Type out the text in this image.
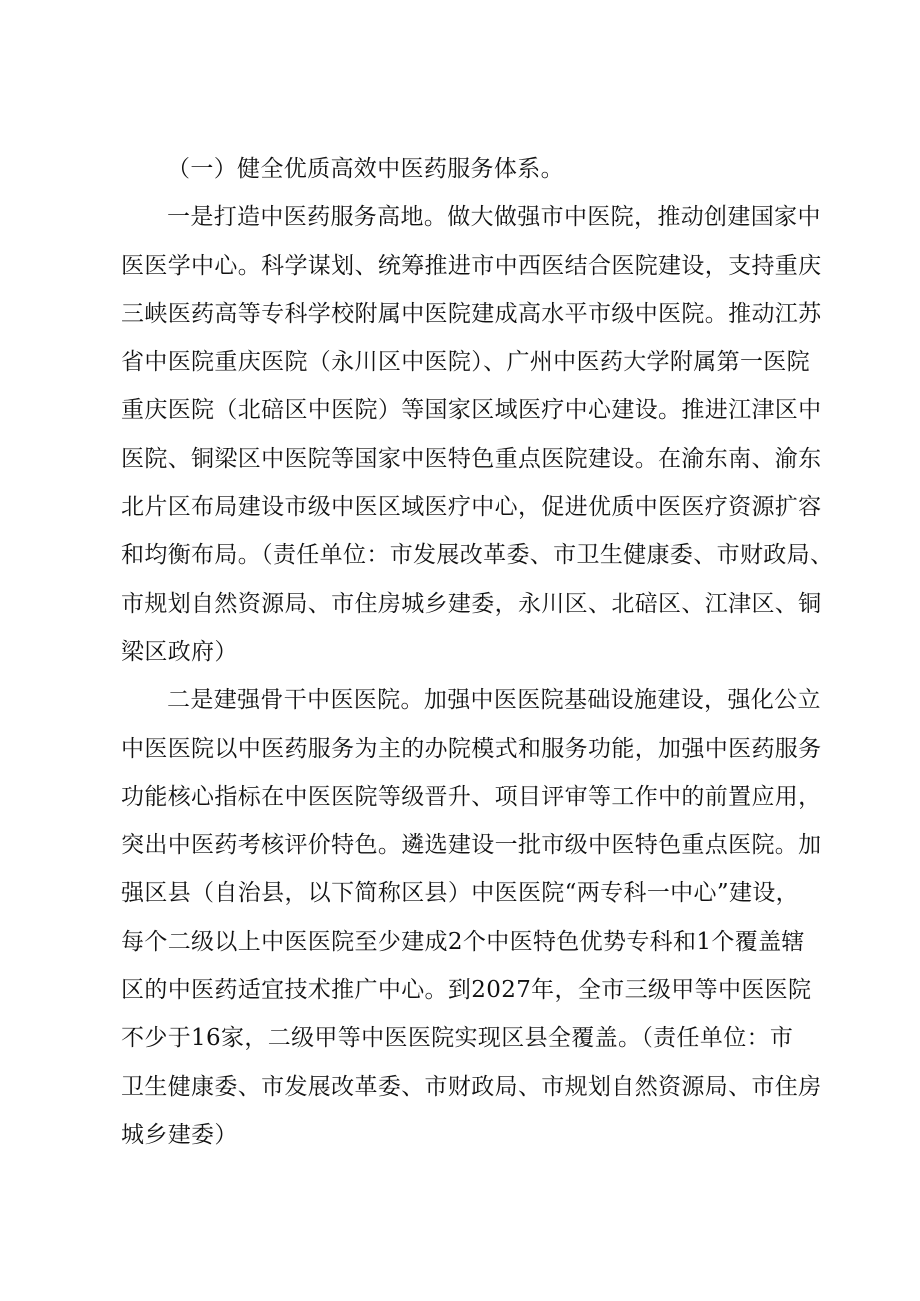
（一）健全优质高效中医药服务体系。
一是打造中医药服务高地。做大做强市中医院，推动创建国家中
医医学中心。科学谋划、统筹推进市中西医结合医院建设，支持重庆
三峡医药高等专科学校附属中医院建成高水平市级中医院。推动江苏
省中医院重庆医院（永川区中医院）、广州中医药大学附属第一医院
重庆医院（北碚区中医院）等国家区域医疗中心建设。推进江津区中
医院、铜梁区中医院等国家中医特色重点医院建设。在渝东南、渝东
北片区布局建设市级中医区域医疗中心，促进优质中医医疗资源扩容
和均衡布局。（责任单位：市发展改革委、市卫生健康委、市财政局、
市规划自然资源局、市住房城乡建委，永川区、北碚区、江津区、铜
梁区政府）
二是建强骨干中医医院。加强中医医院基础设施建设，强化公立
中医医院以中医药服务为主的办院模式和服务功能，加强中医药服务
功能核心指标在中医医院等级晋升、项目评审等工作中的前置应用，
突出中医药考核评价特色。遴选建设一批市级中医特色重点医院。加
强区县（自治县，以下简称区县）中医医院“两专科一中心”建设，
每个二级以上中医医院至少建成2个中医特色优势专科和1个覆盖辖
区的中医药适宜技术推广中心。到2027年，全市三级甲等中医医院
不少于16家，二级甲等中医医院实现区县全覆盖。（责任单位：市
卫生健康委、市发展改革委、市财政局、市规划自然资源局、市住房
城乡建委）
